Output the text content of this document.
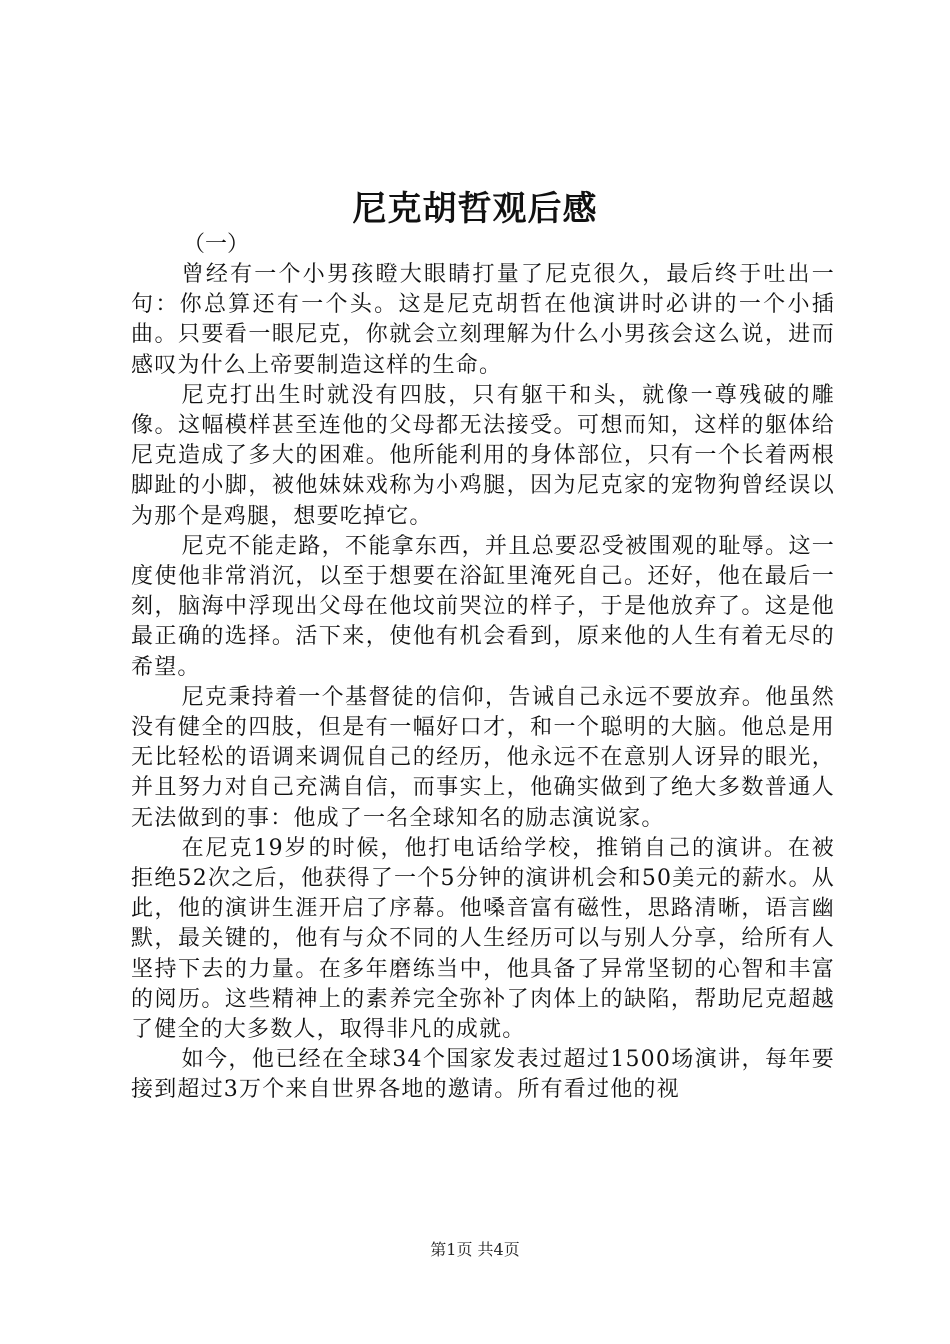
尼克胡哲观后感

（一）

曾经有一个小男孩瞪大眼睛打量了尼克很久，最后终于吐出一句：你总算还有一个头。这是尼克胡哲在他演讲时必讲的一个小插曲。只要看一眼尼克，你就会立刻理解为什么小男孩会这么说，进而感叹为什么上帝要制造这样的生命。

尼克打出生时就没有四肢，只有躯干和头，就像一尊残破的雕像。这幅模样甚至连他的父母都无法接受。可想而知，这样的躯体给尼克造成了多大的困难。他所能利用的身体部位，只有一个长着两根脚趾的小脚，被他妹妹戏称为小鸡腿，因为尼克家的宠物狗曾经误以为那个是鸡腿，想要吃掉它。

尼克不能走路，不能拿东西，并且总要忍受被围观的耻辱。这一度使他非常消沉，以至于想要在浴缸里淹死自己。还好，他在最后一刻，脑海中浮现出父母在他坟前哭泣的样子，于是他放弃了。这是他最正确的选择。活下来，使他有机会看到，原来他的人生有着无尽的希望。

尼克秉持着一个基督徒的信仰，告诫自己永远不要放弃。他虽然没有健全的四肢，但是有一幅好口才，和一个聪明的大脑。他总是用无比轻松的语调来调侃自己的经历，他永远不在意别人讶异的眼光，并且努力对自己充满自信，而事实上，他确实做到了绝大多数普通人无法做到的事：他成了一名全球知名的励志演说家。

在尼克19岁的时候，他打电话给学校，推销自己的演讲。在被拒绝52次之后，他获得了一个5分钟的演讲机会和50美元的薪水。从此，他的演讲生涯开启了序幕。他嗓音富有磁性，思路清晰，语言幽默，最关键的，他有与众不同的人生经历可以与别人分享，给所有人坚持下去的力量。在多年磨练当中，他具备了异常坚韧的心智和丰富的阅历。这些精神上的素养完全弥补了肉体上的缺陷，帮助尼克超越了健全的大多数人，取得非凡的成就。

如今，他已经在全球34个国家发表过超过1500场演讲，每年要接到超过3万个来自世界各地的邀请。所有看过他的视

第1页 共4页
